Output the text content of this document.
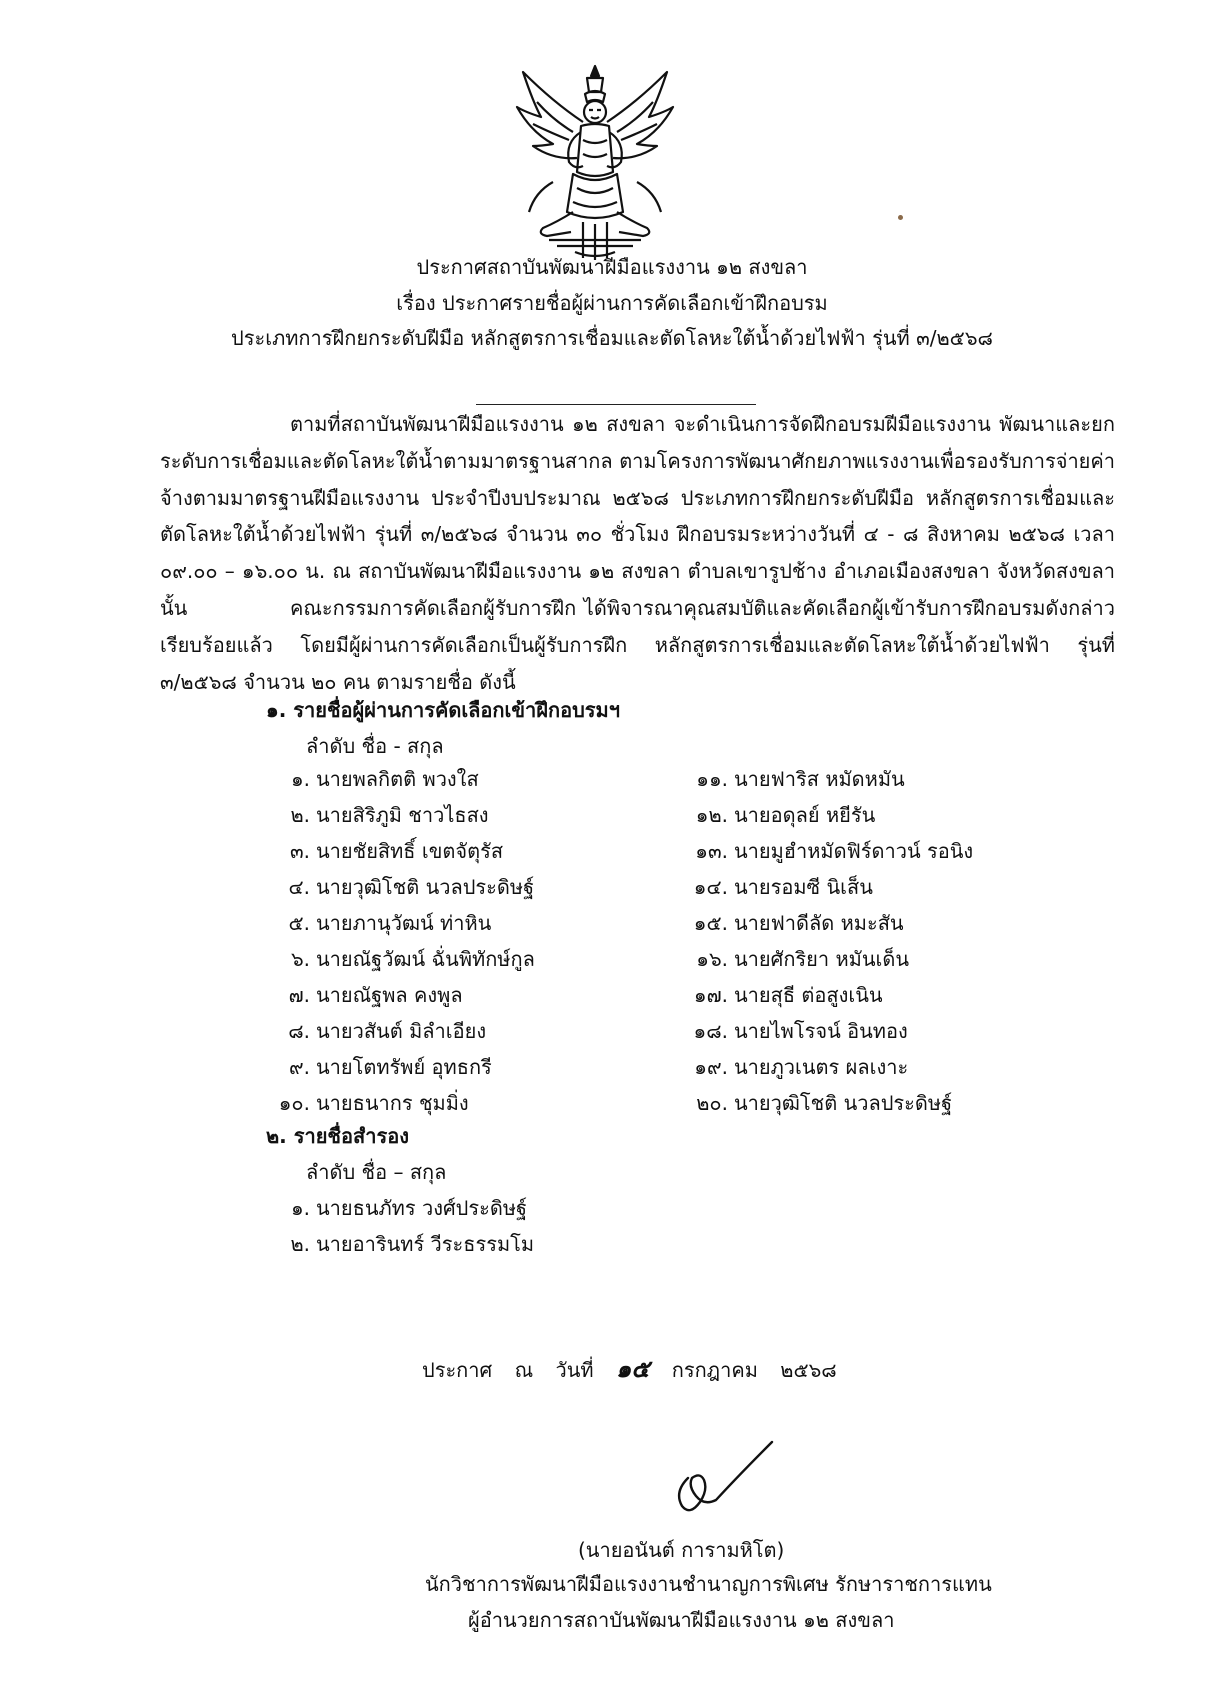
ประกาศสถาบันพัฒนาฝีมือแรงงาน ๑๒ สงขลา
เรื่อง ประกาศรายชื่อผู้ผ่านการคัดเลือกเข้าฝึกอบรม
ประเภทการฝึกยกระดับฝีมือ หลักสูตรการเชื่อมและตัดโลหะใต้น้ำด้วยไฟฟ้า รุ่นที่ ๓/๒๕๖๘
ตามที่สถาบันพัฒนาฝีมือแรงงาน ๑๒ สงขลา จะดำเนินการจัดฝึกอบรมฝีมือแรงงาน พัฒนาและยกระดับการเชื่อมและตัดโลหะใต้น้ำตามมาตรฐานสากล ตามโครงการพัฒนาศักยภาพแรงงานเพื่อรองรับการจ่ายค่าจ้างตามมาตรฐานฝีมือแรงงาน ประจำปีงบประมาณ ๒๕๖๘ ประเภทการฝึกยกระดับฝีมือ หลักสูตรการเชื่อมและตัดโลหะใต้น้ำด้วยไฟฟ้า รุ่นที่ ๓/๒๕๖๘ จำนวน ๓๐ ชั่วโมง ฝึกอบรมระหว่างวันที่ ๔ - ๘ สิงหาคม ๒๕๖๘ เวลา ๐๙.๐๐ – ๑๖.๐๐ น. ณ สถาบันพัฒนาฝีมือแรงงาน ๑๒ สงขลา ตำบลเขารูปช้าง อำเภอเมืองสงขลา จังหวัดสงขลา นั้น	คณะกรรมการคัดเลือกผู้รับการฝึก ได้พิจารณาคุณสมบัติและคัดเลือกผู้เข้ารับการฝึกอบรมดังกล่าว เรียบร้อยแล้ว โดยมีผู้ผ่านการคัดเลือกเป็นผู้รับการฝึก หลักสูตรการเชื่อมและตัดโลหะใต้น้ำด้วยไฟฟ้า รุ่นที่ ๓/๒๕๖๘ จำนวน ๒๐ คน ตามรายชื่อ ดังนี้
๑. รายชื่อผู้ผ่านการคัดเลือกเข้าฝึกอบรมฯ
ลำดับ ชื่อ - สกุล
๑. นายพลกิตติ พวงใส
๒. นายสิริภูมิ ชาวไธสง
๓. นายชัยสิทธิ์ เขตจัตุรัส
๔. นายวุฒิโชติ นวลประดิษฐ์
๕. นายภานุวัฒน์ ท่าหิน
๖. นายณัฐวัฒน์ ฉั่นพิทักษ์กูล
๗. นายณัฐพล คงพูล
๘. นายวสันต์ มิลำเอียง
๙. นายโตทรัพย์ อุทธกรี
๑๐. นายธนากร ชุมมิ่ง
๑๑. นายฟาริส หมัดหมัน
๑๒. นายอดุลย์ หยีรัน
๑๓. นายมูฮำหมัดฟิร์ดาวน์ รอนิง
๑๔. นายรอมซี นิเส็น
๑๕. นายฟาดีลัด หมะสัน
๑๖. นายศักริยา หมันเด็น
๑๗. นายสุธี ต่อสูงเนิน
๑๘. นายไพโรจน์ อินทอง
๑๙. นายภูวเนตร ผลเงาะ
๒๐. นายวุฒิโชติ นวลประดิษฐ์
๒. รายชื่อสำรอง
ลำดับ ชื่อ – สกุล
๑. นายธนภัทร วงศ์ประดิษฐ์
๒. นายอารินทร์ วีระธรรมโม
ประกาศ ณ วันที่ ๑๕ กรกฎาคม ๒๕๖๘
(นายอนันต์ การามหิโต)
นักวิชาการพัฒนาฝีมือแรงงานชำนาญการพิเศษ รักษาราชการแทน
ผู้อำนวยการสถาบันพัฒนาฝีมือแรงงาน ๑๒ สงขลา
